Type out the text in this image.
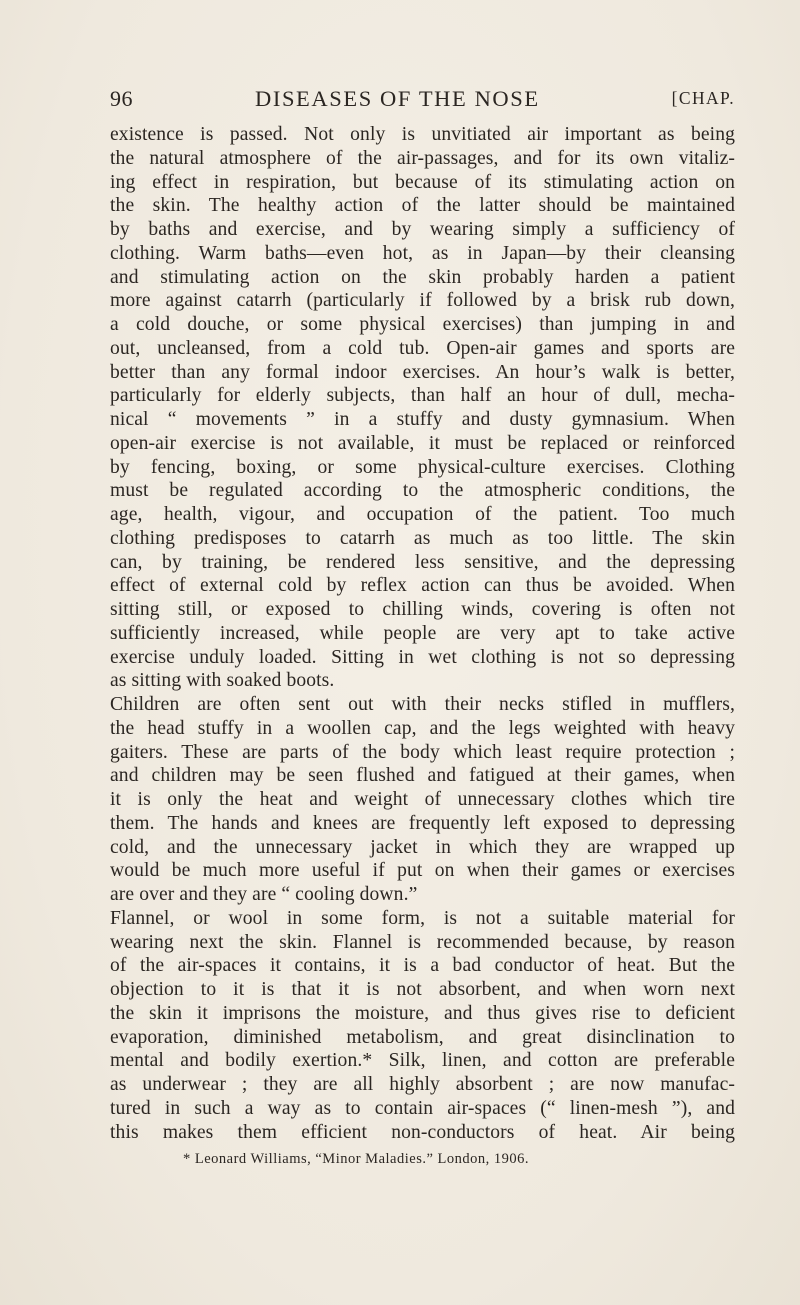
96	DISEASES OF THE NOSE	[CHAP.
existence is passed. Not only is unvitiated air important as being
the natural atmosphere of the air-passages, and for its own vitaliz-
ing effect in respiration, but because of its stimulating action on
the skin. The healthy action of the latter should be maintained
by baths and exercise, and by wearing simply a sufficiency of
clothing. Warm baths—even hot, as in Japan—by their cleansing
and stimulating action on the skin probably harden a patient
more against catarrh (particularly if followed by a brisk rub down,
a cold douche, or some physical exercises) than jumping in and
out, uncleansed, from a cold tub. Open-air games and sports are
better than any formal indoor exercises. An hour’s walk is better,
particularly for elderly subjects, than half an hour of dull, mecha-
nical “ movements ” in a stuffy and dusty gymnasium. When
open-air exercise is not available, it must be replaced or reinforced
by fencing, boxing, or some physical-culture exercises. Clothing
must be regulated according to the atmospheric conditions, the
age, health, vigour, and occupation of the patient. Too much
clothing predisposes to catarrh as much as too little. The skin
can, by training, be rendered less sensitive, and the depressing
effect of external cold by reflex action can thus be avoided. When
sitting still, or exposed to chilling winds, covering is often not
sufficiently increased, while people are very apt to take active
exercise unduly loaded. Sitting in wet clothing is not so depressing
as sitting with soaked boots.
Children are often sent out with their necks stifled in mufflers,
the head stuffy in a woollen cap, and the legs weighted with heavy
gaiters. These are parts of the body which least require protection ;
and children may be seen flushed and fatigued at their games, when
it is only the heat and weight of unnecessary clothes which tire
them. The hands and knees are frequently left exposed to depressing
cold, and the unnecessary jacket in which they are wrapped up
would be much more useful if put on when their games or exercises
are over and they are “ cooling down.”
Flannel, or wool in some form, is not a suitable material for
wearing next the skin. Flannel is recommended because, by reason
of the air-spaces it contains, it is a bad conductor of heat. But the
objection to it is that it is not absorbent, and when worn next
the skin it imprisons the moisture, and thus gives rise to deficient
evaporation, diminished metabolism, and great disinclination to
mental and bodily exertion.* Silk, linen, and cotton are preferable
as underwear ; they are all highly absorbent ; are now manufac-
tured in such a way as to contain air-spaces (“ linen-mesh ”), and
this makes them efficient non-conductors of heat. Air being
* Leonard Williams, “Minor Maladies.” London, 1906.
